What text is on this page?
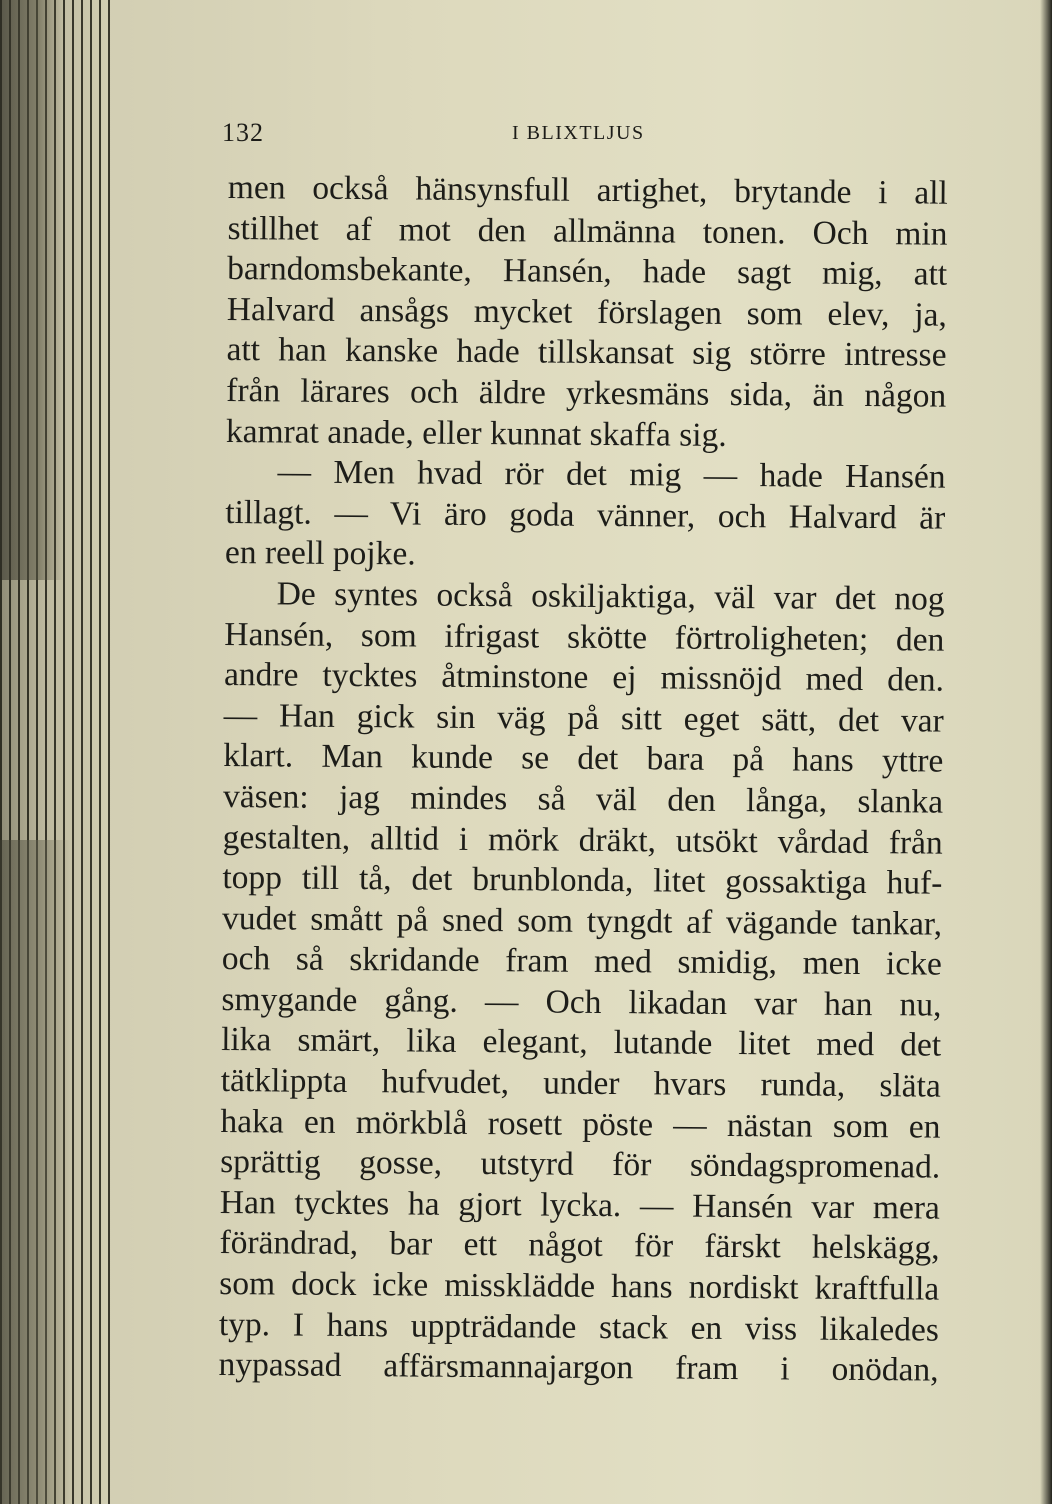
132	I BLIXTLJUS
men också hänsynsfull artighet, brytande i all
stillhet af mot den allmänna tonen. Och min
barndomsbekante, Hansén, hade sagt mig, att
Halvard ansågs mycket förslagen som elev, ja,
att han kanske hade tillskansat sig större intresse
från lärares och äldre yrkesmäns sida, än någon
kamrat anade, eller kunnat skaffa sig.
— Men hvad rör det mig — hade Hansén
tillagt. — Vi äro goda vänner, och Halvard är
en reell pojke.
De syntes också oskiljaktiga, väl var det nog
Hansén, som ifrigast skötte förtroligheten; den
andre tycktes åtminstone ej missnöjd med den.
— Han gick sin väg på sitt eget sätt, det var
klart. Man kunde se det bara på hans yttre
väsen: jag mindes så väl den långa, slanka
gestalten, alltid i mörk dräkt, utsökt vårdad från
topp till tå, det brunblonda, litet gossaktiga huf-
vudet smått på sned som tyngdt af vägande tankar,
och så skridande fram med smidig, men icke
smygande gång. — Och likadan var han nu,
lika smärt, lika elegant, lutande litet med det
tätklippta hufvudet, under hvars runda, släta
haka en mörkblå rosett pöste — nästan som en
sprättig gosse, utstyrd för söndagspromenad.
Han tycktes ha gjort lycka. — Hansén var mera
förändrad, bar ett något för färskt helskägg,
som dock icke missklädde hans nordiskt kraftfulla
typ. I hans uppträdande stack en viss likaledes
nypassad affärsmannajargon fram i onödan,
